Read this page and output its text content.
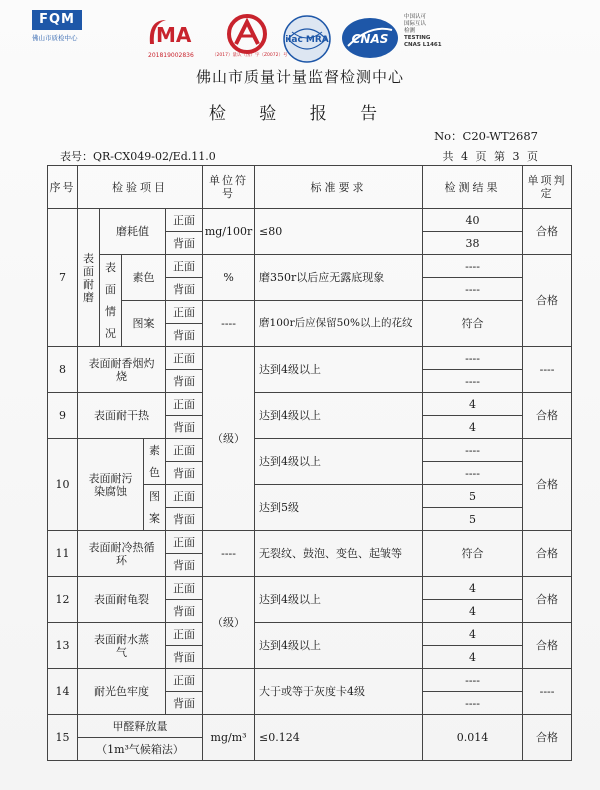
FQM
佛山市质检中心	MA
201819002836	（2017）量认（国）字（Z0072）号
ilac MRA CNAS
中国认可
国际互认
检测
TESTING
CNAS L1461
佛山市质量计量监督检测中心
检 验 报 告
No：C20-WT2687
表号：QR-CX049-02/Ed.11.0	共 4 页 第 3 页
序号	检验项目					单位符号	标准要求	检测结果	单项判定
7	表面耐磨	磨耗值			正面	mg/100r	≤80	40	合格
					背面			38	
		表面情况	素色		正面	%	磨350r以后应无露底现象	----	合格
					背面			----	
			图案		正面	----	磨100r后应保留50%以上的花纹	符合	
					背面				
8	表面耐香烟灼烧				正面	（级）	达到4级以上	----	----
					背面			----	
9	表面耐干热				正面		达到4级以上	4	合格
					背面			4	
10	表面耐污染腐蚀			素色	正面		达到4级以上	----	合格
					背面			----	
				图案	正面		达到5级	5	
					背面			5	
11	表面耐冷热循环				正面	----	无裂纹、鼓泡、变色、起皱等	符合	合格
					背面				
12	表面耐龟裂				正面	（级）	达到4级以上	4	合格
					背面			4	
13	表面耐水蒸气				正面		达到4级以上	4	合格
					背面			4	
14	耐光色牢度				正面		大于或等于灰度卡4级	----	----
					背面			----	
15	甲醛释放量					mg/m³	≤0.124	0.014	合格
	（1m³气候箱法）								
